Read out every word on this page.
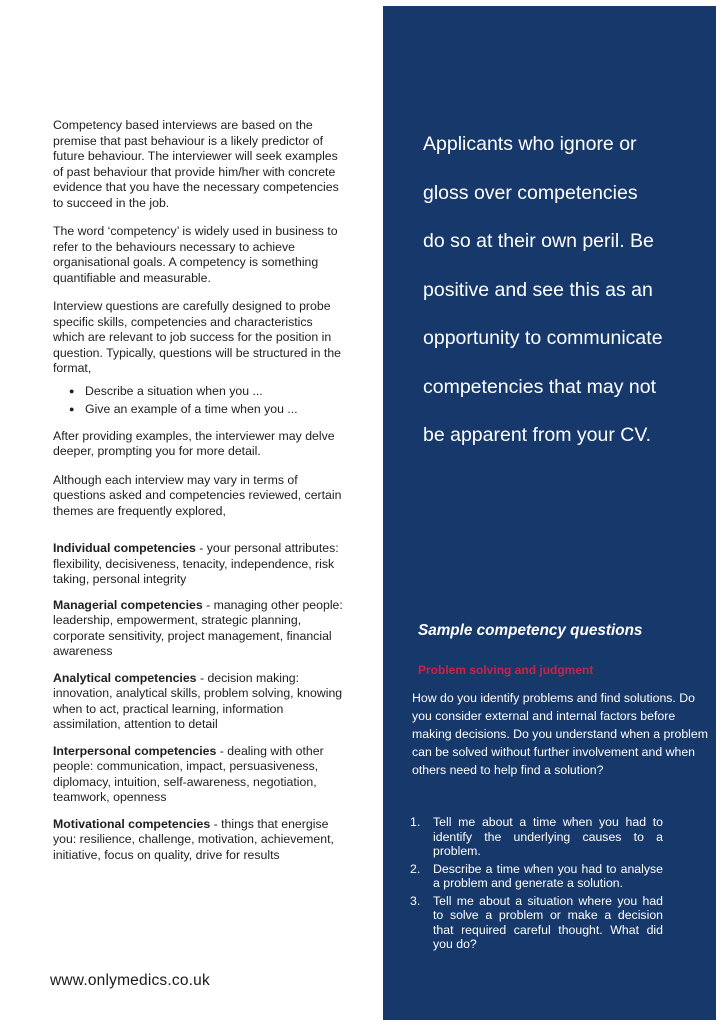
Competency based interviews are based on the premise that past behaviour is a likely predictor of future behaviour. The interviewer will seek examples of past behaviour that provide him/her with concrete evidence that you have the necessary competencies to succeed in the job.

The word ‘competency’ is widely used in business to refer to the behaviours necessary to achieve organisational goals. A competency is something quantifiable and measurable.

Interview questions are carefully designed to probe specific skills, competencies and characteristics which are relevant to job success for the position in question. Typically, questions will be structured in the format,

● Describe a situation when you ...
● Give an example of a time when you ...

After providing examples, the interviewer may delve deeper, prompting you for more detail.

Although each interview may vary in terms of questions asked and competencies reviewed, certain themes are frequently explored,

Individual competencies - your personal attributes: flexibility, decisiveness, tenacity, independence, risk taking, personal integrity

Managerial competencies - managing other people: leadership, empowerment, strategic planning, corporate sensitivity, project management, financial awareness

Analytical competencies - decision making: innovation, analytical skills, problem solving, knowing when to act, practical learning, information assimilation, attention to detail

Interpersonal competencies - dealing with other people: communication, impact, persuasiveness, diplomacy, intuition, self-awareness, negotiation, teamwork, openness

Motivational competencies - things that energise you: resilience, challenge, motivation, achievement, initiative, focus on quality, drive for results

www.onlymedics.co.uk
Applicants who ignore or
gloss over competencies
do so at their own peril. Be
positive and see this as an
opportunity to communicate
competencies that may not
be apparent from your CV.
Sample competency questions
Problem solving and judgment
How do you identify problems and find solutions. Do you consider external and internal factors before making decisions. Do you understand when a problem can be solved without further involvement and when others need to help find a solution?
1. Tell me about a time when you had to identify the underlying causes to a problem.
2. Describe a time when you had to analyse a problem and generate a solution.
3. Tell me about a situation where you had to solve a problem or make a decision that required careful thought. What did you do?
